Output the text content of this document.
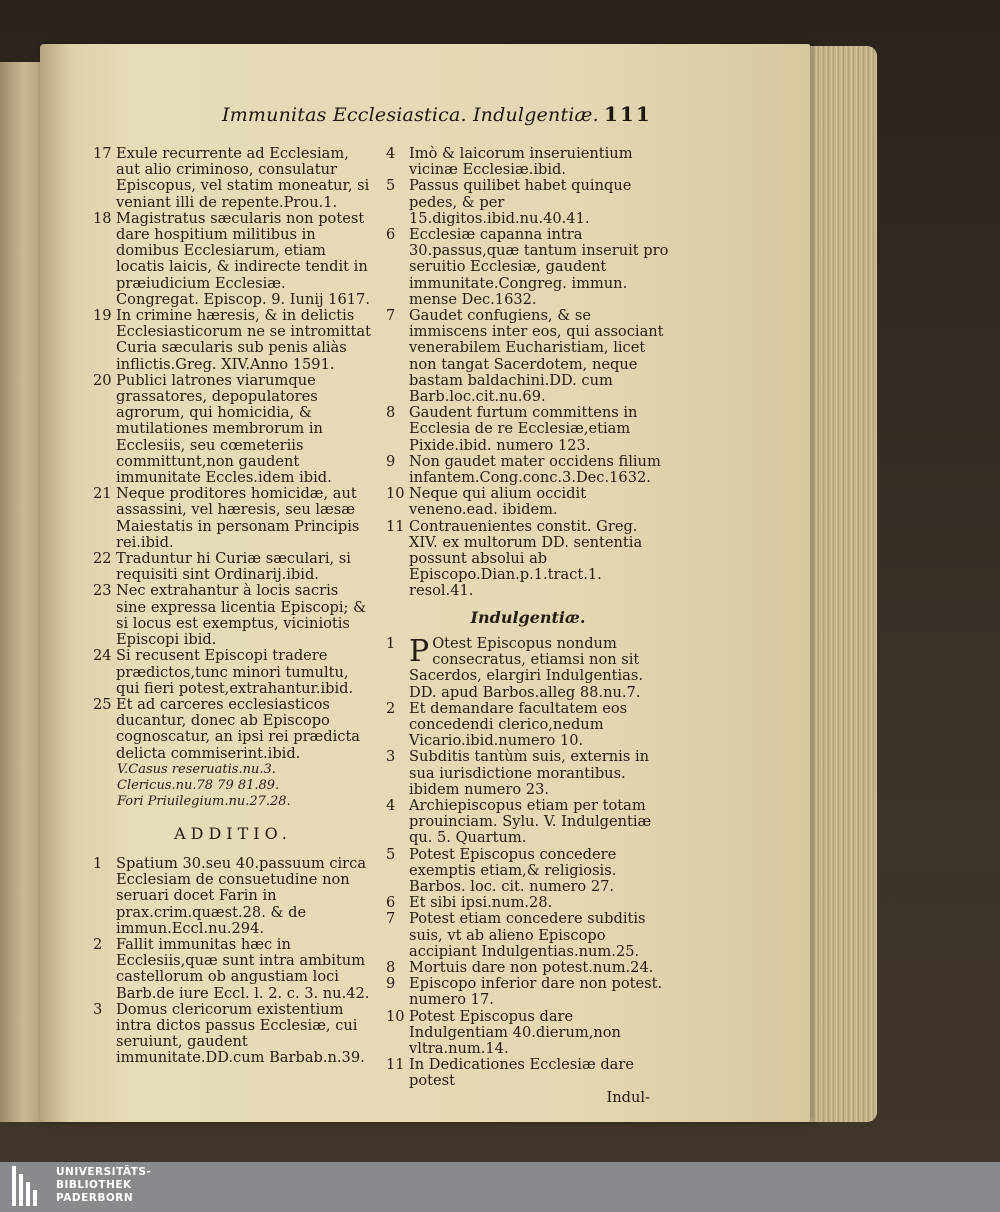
Immunitas Ecclesiastica. Indulgentiæ. 111
17 Exule recurrente ad Ecclesiam, aut alio criminoso, consulatur Episcopus, vel statim moneatur, si veniant illi de repente.Prou.1.
18 Magistratus sæcularis non potest dare hospitium militibus in domibus Ecclesiarum, etiam locatis laicis, & indirecte tendit in præiudicium Ecclesiæ. Congregat. Episcop. 9. Iunij 1617.
19 In crimine hæresis, & in delictis Ecclesiasticorum ne se intromittat Curia sæcularis sub penis aliàs inflictis.Greg. XIV.Anno 1591.
20 Publici latrones viarumque grassatores, depopulatores agrorum, qui homicidia, & mutilationes membrorum in Ecclesiis, seu cœmeteriis committunt,non gaudent immunitate Eccles.idem ibid.
21 Neque proditores homicidæ, aut assassini, vel hæresis, seu læsæ Maiestatis in personam Principis rei.ibid.
22 Traduntur hi Curiæ sæculari, si requisiti sint Ordinarij.ibid.
23 Nec extrahantur à locis sacris sine expressa licentia Episcopi; & si locus est exemptus, viciniotis Episcopi ibid.
24 Si recusent Episcopi tradere prædictos,tunc minori tumultu, qui fieri potest,extrahantur.ibid.
25 Et ad carceres ecclesiasticos ducantur, donec ab Episcopo cognoscatur, an ipsi rei prædicta delicta commiserint.ibid.
V.Casus reseruatis.nu.3.
Clericus.nu.78 79 81.89.
Fori Priuilegium.nu.27.28.
ADDITIO.
1 Spatium 30.seu 40.passuum circa Ecclesiam de consuetudine non seruari docet Farin in prax.crim.quæst.28. & de immun.Eccl.nu.294.
2 Fallit immunitas hæc in Ecclesiis,quæ sunt intra ambitum castellorum ob angustiam loci Barb.de iure Eccl. l. 2. c. 3. nu.42.
3 Domus clericorum existentium intra dictos passus Ecclesiæ, cui seruiunt, gaudent immunitate.DD.cum Barbab.n.39.
4 Imò & laicorum inseruientium vicinæ Ecclesiæ.ibid.
5 Passus quilibet habet quinque pedes, & per 15.digitos.ibid.nu.40.41.
6 Ecclesiæ capanna intra 30.passus,quæ tantum inseruit pro seruitio Ecclesiæ, gaudent immunitate.Congreg. immun. mense Dec.1632.
7 Gaudet confugiens, & se immiscens inter eos, qui associant venerabilem Eucharistiam, licet non tangat Sacerdotem, neque bastam baldachini.DD. cum Barb.loc.cit.nu.69.
8 Gaudent furtum committens in Ecclesia de re Ecclesiæ,etiam Pixide.ibid. numero 123.
9 Non gaudet mater occidens filium infantem.Cong.conc.3.Dec.1632.
10 Neque qui alium occidit veneno.ead. ibidem.
11 Contrauenientes constit. Greg. XIV. ex multorum DD. sententia possunt absolui ab Episcopo.Dian.p.1.tract.1. resol.41.
Indulgentiæ.
1 P Otest Episcopus nondum consecratus, etiamsi non sit Sacerdos, elargiri Indulgentias. DD. apud Barbos.alleg 88.nu.7.
2 Et demandare facultatem eos concedendi clerico,nedum Vicario.ibid.numero 10.
3 Subditis tantùm suis, externis in sua iurisdictione morantibus. ibidem numero 23.
4 Archiepiscopus etiam per totam prouinciam. Sylu. V. Indulgentiæ qu. 5. Quartum.
5 Potest Episcopus concedere exemptis etiam,& religiosis. Barbos. loc. cit. numero 27.
6 Et sibi ipsi.num.28.
7 Potest etiam concedere subditis suis, vt ab alieno Episcopo accipiant Indulgentias.num.25.
8 Mortuis dare non potest.num.24.
9 Episcopo inferior dare non potest. numero 17.
10 Potest Episcopus dare Indulgentiam 40.dierum,non vltra.num.14.
11 In Dedicationes Ecclesiæ dare potest
Indul-
UNIVERSITÄTS-
BIBLIOTHEK
PADERBORN
